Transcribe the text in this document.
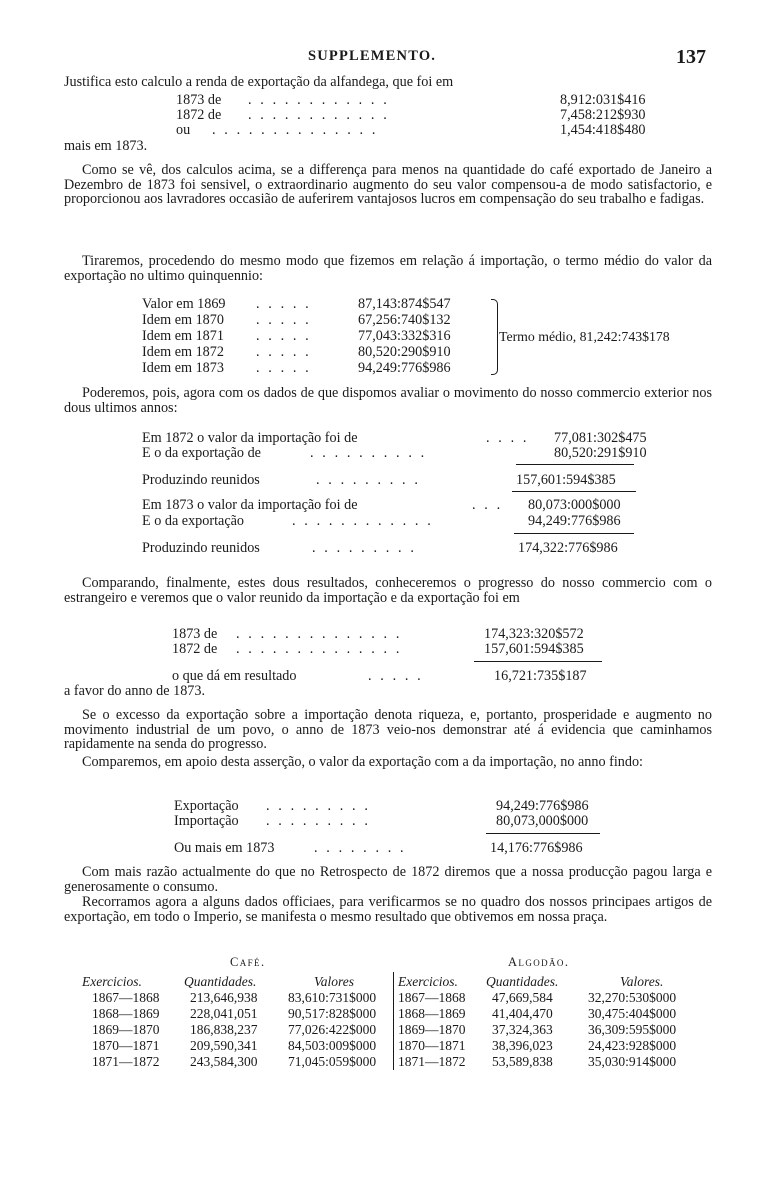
SUPPLEMENTO.	137
Justifica esto calculo a renda de exportação da alfandega, que foi em
1873 de . . . . . . . . . . . .	8,912:031$416
1872 de . . . . . . . . . . . .	7,458:212$930
ou . . . . . . . . . . . . . .	1,454:418$480
mais em 1873.
Como se vê, dos calculos acima, se a differença para menos na quantidade do café exportado de Janeiro a Dezembro de 1873 foi sensivel, o extraordinario augmento do seu valor compensou-a de modo satisfactorio, e proporcionou aos lavradores occasião de auferirem vantajosos lucros em compensação do seu trabalho e fadigas.
Tiraremos, procedendo do mesmo modo que fizemos em relação á importação, o termo médio do valor da exportação no ultimo quinquennio:
Valor em 1869 . . . . .	87,143:874$547
Idem em 1870 . . . . .	67,256:740$132
Idem em 1871 . . . . .	77,043:332$316
Idem em 1872 . . . . .	80,520:290$910
Idem em 1873 . . . . .	94,249:776$986
Termo médio, 81,242:743$178
Poderemos, pois, agora com os dados de que dispomos avaliar o movimento do nosso commercio exterior nos dous ultimos annos:
Em 1872 o valor da importação foi de	. . . . 77,081:302$475
E o da exportação de	. . . . . . . . . .	80,520:291$910
Produzindo reunidos	. . . . . . . . .	157,601:594$385
Em 1873 o valor da importação foi de	. . . 80,073:000$000
E o da exportação	. . . . . . . . . . . .	94,249:776$986
Produzindo reunidos	. . . . . . . . .	174,322:776$986
Comparando, finalmente, estes dous resultados, conheceremos o progresso do nosso commercio com o estrangeiro e veremos que o valor reunido da importação e da exportação foi em
1873 de . . . . . . . . . . . . . .	174,323:320$572
1872 de . . . . . . . . . . . . . .	157,601:594$385
o que dá em resultado	. . . . .	16,721:735$187
a favor do anno de 1873.
Se o excesso da exportação sobre a importação denota riqueza, e, portanto, prosperidade e augmento no movimento industrial de um povo, o anno de 1873 veio-nos demonstrar até á evidencia que caminhamos rapidamente na senda do progresso.
Comparemos, em apoio desta asserção, o valor da exportação com a da importação, no anno findo:
Exportação . . . . . . . . .	94,249:776$986
Importação . . . . . . . . .	80,073,000$000
Ou mais em 1873	. . . . . . . .	14,176:776$986
Com mais razão actualmente do que no Retrospecto de 1872 diremos que a nossa producção pagou larga e generosamente o consumo.
Recorramos agora a alguns dados officiaes, para verificarmos se no quadro dos nossos principaes artigos de exportação, em todo o Imperio, se manifesta o mesmo resultado que obtivemos em nossa praça.
Café.	Algodão.
Exercicios.	Quantidades.	Valores	Exercicios. Quantidades.	Valores.
1867—1868 213,646,938 83,610:731$000 1867—1868 47,669,584	32,270:530$000
1868—1869 228,041,051 90,517:828$000 1868—1869 41,404,470	30,475:404$000
1869—1870 186,838,237 77,026:422$000 1869—1870 37,324,363	36,309:595$000
1870—1871 209,590,341 84,503:009$000 1870—1871 38,396,023	24,423:928$000
1871—1872 243,584,300 71,045:059$000 1871—1872 53,589,838	35,030:914$000
